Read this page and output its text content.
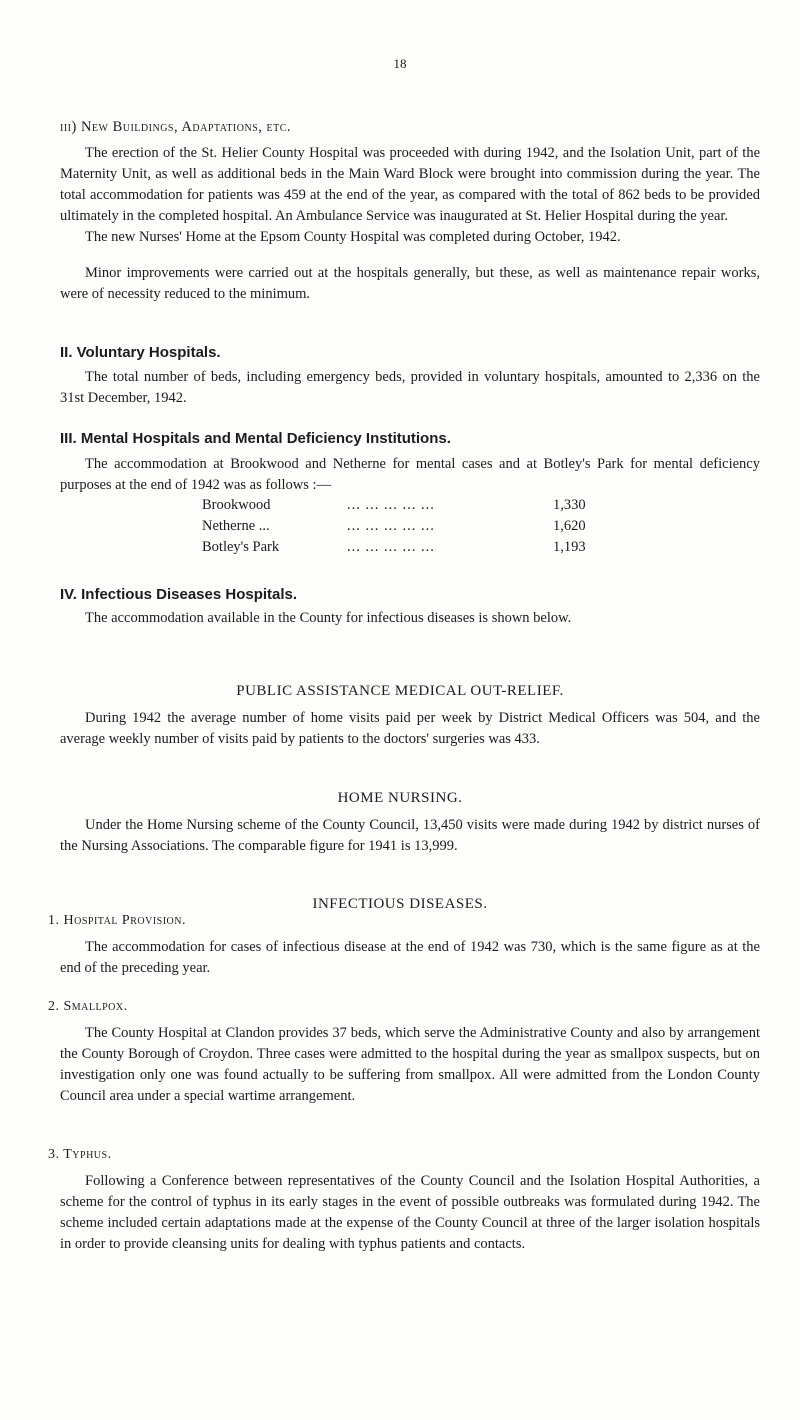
18
iii) New Buildings, Adaptations, etc.

The erection of the St. Helier County Hospital was proceeded with during 1942, and the Isolation Unit, part of the Maternity Unit, as well as additional beds in the Main Ward Block were brought into commission during the year. The total accommodation for patients was 459 at the end of the year, as compared with the total of 862 beds to be provided ultimately in the completed hospital. An Ambulance Service was inaugurated at St. Helier Hospital during the year.

The new Nurses' Home at the Epsom County Hospital was completed during October, 1942.

Minor improvements were carried out at the hospitals generally, but these, as well as maintenance repair works, were of necessity reduced to the minimum.

II. Voluntary Hospitals.

The total number of beds, including emergency beds, provided in voluntary hospitals, amounted to 2,336 on the 31st December, 1942.

III. Mental Hospitals and Mental Deficiency Institutions.

The accommodation at Brookwood and Netherne for mental cases and at Botley's Park for mental deficiency purposes at the end of 1942 was as follows :—

Brookwood	... ... ... ... ...	1,330
Netherne ...	... ... ... ... ...	1,620
Botley's Park	... ... ... ... ...	1,193
IV. Infectious Diseases Hospitals.

The accommodation available in the County for infectious diseases is shown below.

PUBLIC ASSISTANCE MEDICAL OUT-RELIEF.

During 1942 the average number of home visits paid per week by District Medical Officers was 504, and the average weekly number of visits paid by patients to the doctors' surgeries was 433.

HOME NURSING.

Under the Home Nursing scheme of the County Council, 13,450 visits were made during 1942 by district nurses of the Nursing Associations. The comparable figure for 1941 is 13,999.

INFECTIOUS DISEASES.
1. Hospital Provision.

The accommodation for cases of infectious disease at the end of 1942 was 730, which is the same figure as at the end of the preceding year.

2. Smallpox.

The County Hospital at Clandon provides 37 beds, which serve the Administrative County and also by arrangement the County Borough of Croydon. Three cases were admitted to the hospital during the year as smallpox suspects, but on investigation only one was found actually to be suffering from smallpox. All were admitted from the London County Council area under a special wartime arrangement.

3. Typhus.

Following a Conference between representatives of the County Council and the Isolation Hospital Authorities, a scheme for the control of typhus in its early stages in the event of possible outbreaks was formulated during 1942. The scheme included certain adaptations made at the expense of the County Council at three of the larger isolation hospitals in order to provide cleansing units for dealing with typhus patients and contacts.
